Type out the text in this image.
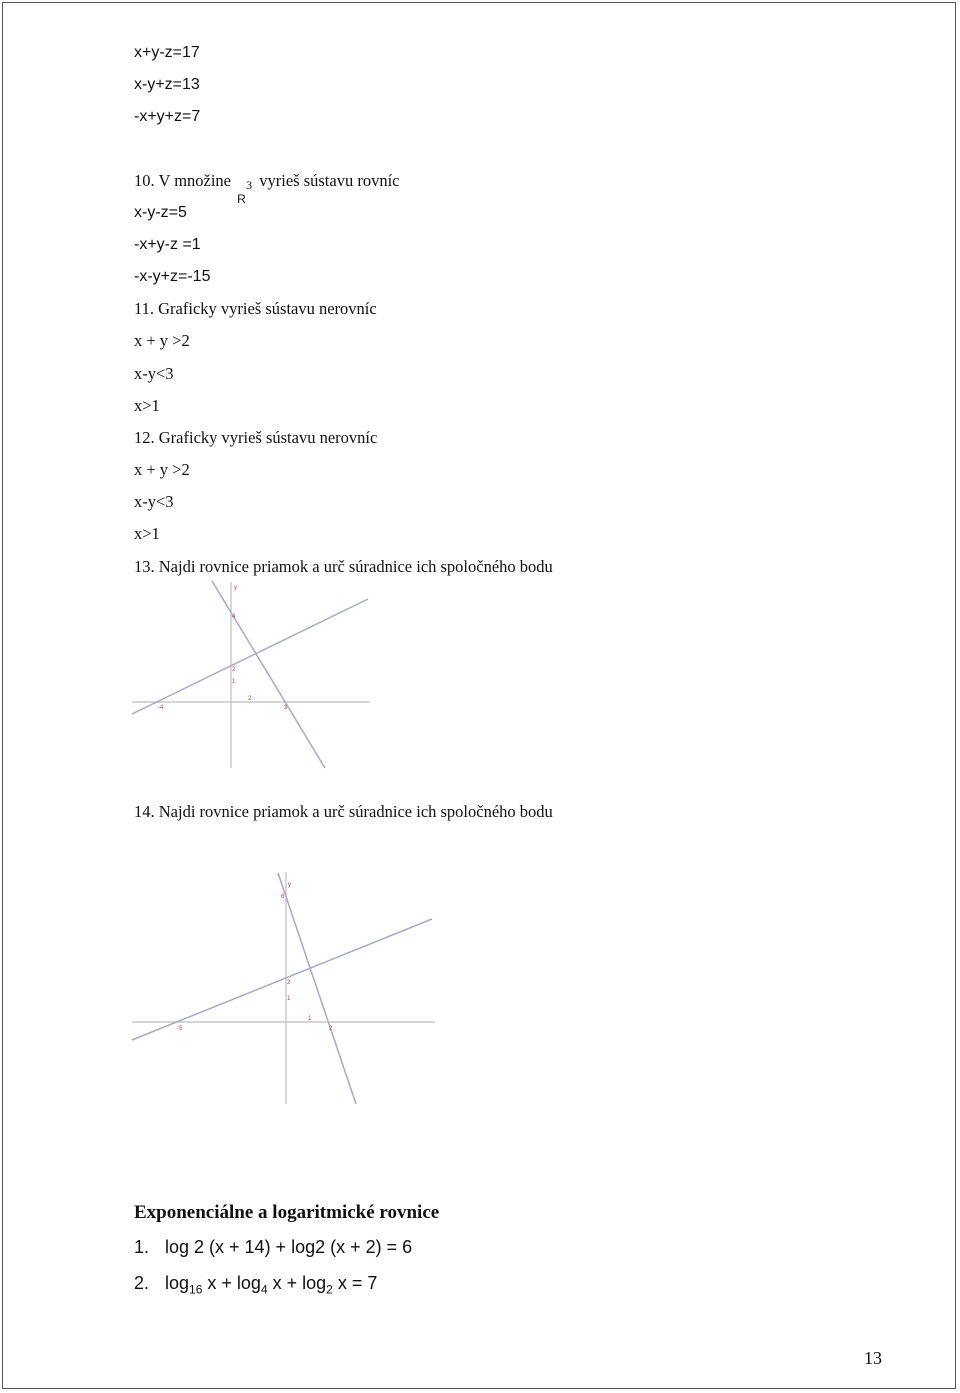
x+y-z=17
x-y+z=13
-x+y+z=7
10. V množine
R
3 vyrieš sústavu rovníc
x-y-z=5
-x+y-z =1
-x-y+z=-15
11. Graficky vyrieš sústavu nerovníc
x + y >2
x-y<3
x>1
12. Graficky vyrieš sústavu nerovníc
x + y >2
x-y<3
x>1
13. Najdi rovnice priamok a urč súradnice ich spoločného bodu
y
4
2
1
-4
2
3
14. Najdi rovnice priamok a urč súradnice ich spoločného bodu
y
6
2
1
-5
1
2
Exponenciálne a logaritmické rovnice
1. log 2 (x + 14) + log2 (x + 2) = 6
2. $\log_{16} x + \log_4 x + \log_2 x = 7$
13
